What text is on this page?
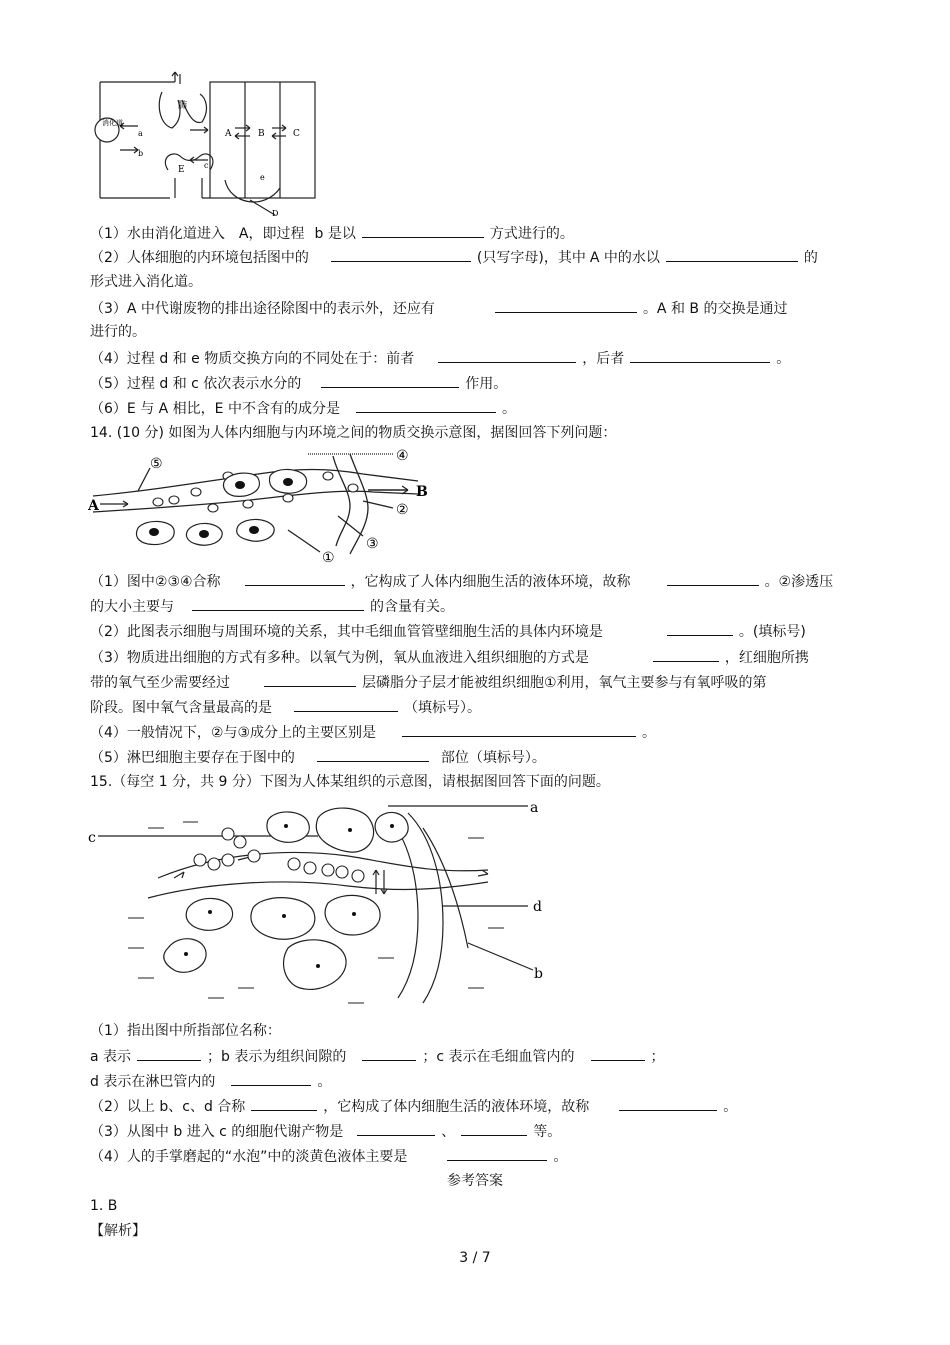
消化道
肺
A	B	C
E
D
a
b
c
e
（1）水由消化道进入 A，即过程 b 是以	方式进行的。
（2）人体细胞的内环境包括图中的	(只写字母)，其中 A 中的水以	的
形式进入消化道。
（3）A 中代谢废物的排出途径除图中的表示外，还应有	。A 和 B 的交换是通过
进行的。
（4）过程 d 和 e 物质交换方向的不同处在于：前者	，后者	。
（5）过程 d 和 c 依次表示水分的	作用。
（6）E 与 A 相比，E 中不含有的成分是	。
14. (10 分) 如图为人体内细胞与内环境之间的物质交换示意图，据图回答下列问题：
A
B
⑤	④
②
③
①
（1）图中②③④合称	，它构成了人体内细胞生活的液体环境，故称	。②渗透压
的大小主要与	的含量有关。
（2）此图表示细胞与周围环境的关系，其中毛细血管管壁细胞生活的具体内环境是	。(填标号)
（3）物质进出细胞的方式有多种。以氧气为例，氧从血液进入组织细胞的方式是	，红细胞所携
带的氧气至少需要经过	层磷脂分子层才能被组织细胞①利用，氧气主要参与有氧呼吸的第
阶段。图中氧气含量最高的是	（填标号）。
（4）一般情况下，②与③成分上的主要区别是	。
（5）淋巴细胞主要存在于图中的	部位（填标号）。
15.（每空 1 分，共 9 分）下图为人体某组织的示意图，请根据图回答下面的问题。
c
a
d
b
（1）指出图中所指部位名称：
a 表示	；b 表示为组织间隙的	；c 表示在毛细血管内的	；
d 表示在淋巴管内的	。
（2）以上 b、c、d 合称	，它构成了体内细胞生活的液体环境，故称	。
（3）从图中 b 进入 c 的细胞代谢产物是	、	等。
（4）人的手掌磨起的“水泡”中的淡黄色液体主要是	。
参考答案
1. B
【解析】
3 / 7
